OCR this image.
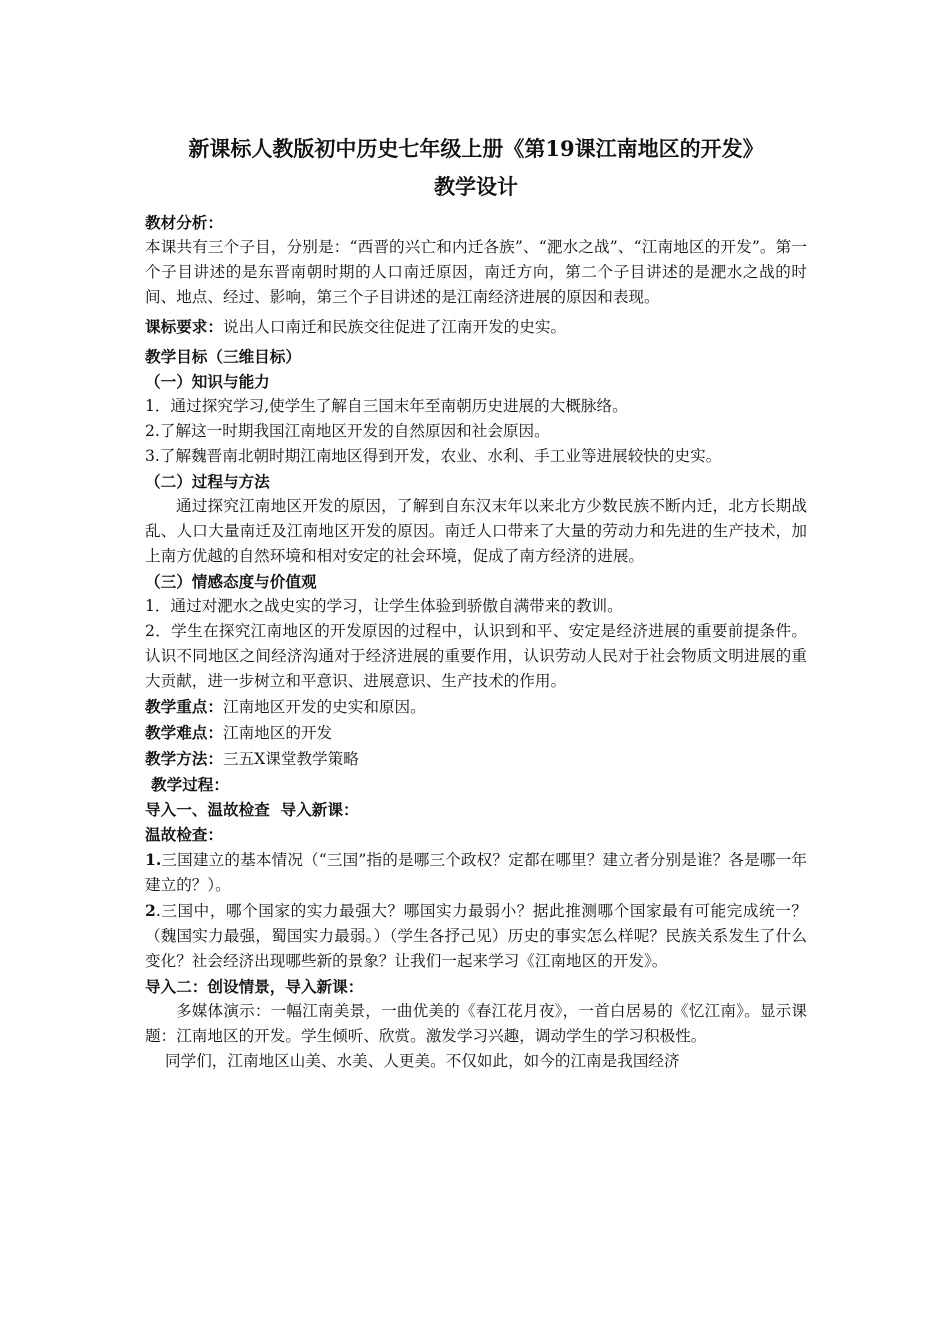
新课标人教版初中历史七年级上册《第19课江南地区的开发》
教学设计

教材分析：

本课共有三个子目，分别是：“西晋的兴亡和内迁各族”、“淝水之战”、“江南地区的开发”。第一个子目讲述的是东晋南朝时期的人口南迁原因，南迁方向，第二个子目讲述的是淝水之战的时间、地点、经过、影响，第三个子目讲述的是江南经济进展的原因和表现。

课标要求：说出人口南迁和民族交往促进了江南开发的史实。

教学目标（三维目标）

（一）知识与能力

1．通过探究学习,使学生了解自三国末年至南朝历史进展的大概脉络。

2.了解这一时期我国江南地区开发的自然原因和社会原因。

3.了解魏晋南北朝时期江南地区得到开发，农业、水利、手工业等进展较快的史实。

（二）过程与方法

通过探究江南地区开发的原因，了解到自东汉末年以来北方少数民族不断内迁，北方长期战乱、人口大量南迁及江南地区开发的原因。南迁人口带来了大量的劳动力和先进的生产技术，加上南方优越的自然环境和相对安定的社会环境，促成了南方经济的进展。

（三）情感态度与价值观

1．通过对淝水之战史实的学习，让学生体验到骄傲自满带来的教训。

2．学生在探究江南地区的开发原因的过程中，认识到和平、安定是经济进展的重要前提条件。认识不同地区之间经济沟通对于经济进展的重要作用，认识劳动人民对于社会物质文明进展的重大贡献，进一步树立和平意识、进展意识、生产技术的作用。

教学重点：江南地区开发的史实和原因。

教学难点：江南地区的开发

教学方法：三五X课堂教学策略

教学过程：

导入一、温故检查  导入新课：

温故检查：

1.三国建立的基本情况（“三国”指的是哪三个政权？定都在哪里？建立者分别是谁？各是哪一年建立的？）。

2.三国中，哪个国家的实力最强大？哪国实力最弱小？据此推测哪个国家最有可能完成统一？（魏国实力最强，蜀国实力最弱。）（学生各抒己见）历史的事实怎么样呢？民族关系发生了什么变化？社会经济出现哪些新的景象？让我们一起来学习《江南地区的开发》。

导入二：创设情景，导入新课：

多媒体演示：一幅江南美景，一曲优美的《春江花月夜》，一首白居易的《忆江南》。显示课题：江南地区的开发。学生倾听、欣赏。激发学习兴趣，调动学生的学习积极性。

同学们，江南地区山美、水美、人更美。不仅如此，如今的江南是我国经济
